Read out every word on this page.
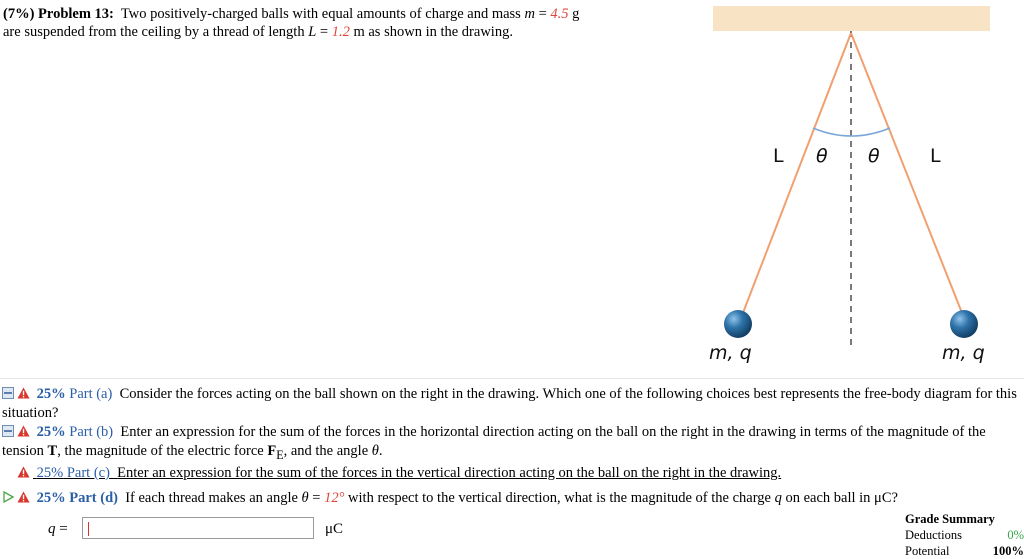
(7%) Problem 13: Two positively-charged balls with equal amounts of charge and mass m = 4.5 g
are suspended from the ceiling by a thread of length L = 1.2 m as shown in the drawing.
L θ θ	L
m, q	m, q
25% Part (a) Consider the forces acting on the ball shown on the right in the drawing. Which one of the following choices best represents the free-body diagram for this situation?
25% Part (b) Enter an expression for the sum of the forces in the horizontal direction acting on the ball on the right in the drawing in terms of the magnitude of the tension T, the magnitude of the electric force $F_E$, and the angle θ.
25% Part (c) Enter an expression for the sum of the forces in the vertical direction acting on the ball on the right in the drawing.
25% Part (d) If each thread makes an angle θ = 12° with respect to the vertical direction, what is the magnitude of the charge q on each ball in μC?
q =	μC
Grade Summary
Deductions	0%
Potential	100%
